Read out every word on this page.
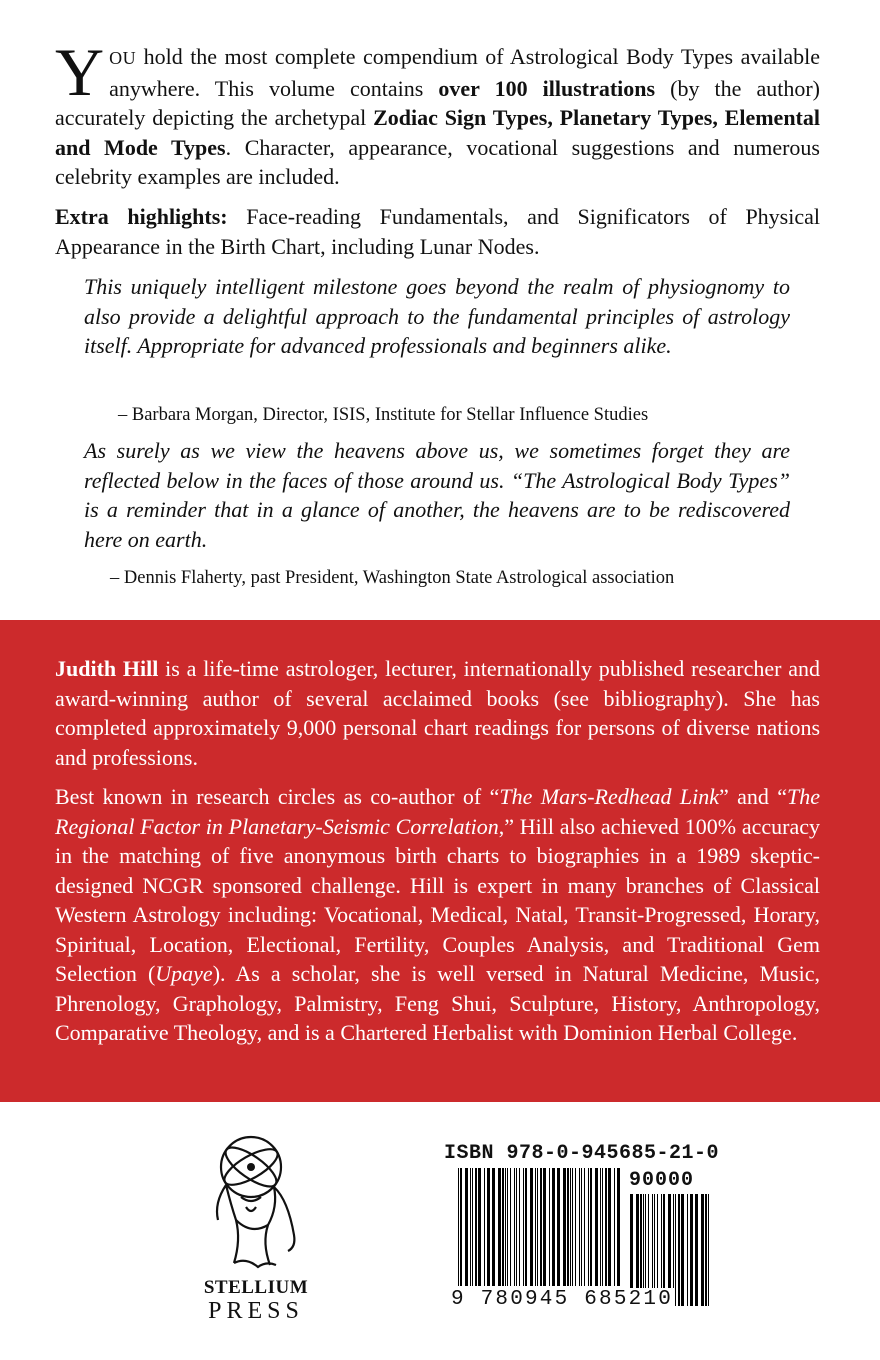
YOU hold the most complete compendium of Astrological Body Types available anywhere. This volume contains over 100 illustrations (by the author) accurately depicting the archetypal Zodiac Sign Types, Planetary Types, Elemental and Mode Types. Character, appearance, vocational suggestions and numerous celebrity examples are included.

Extra highlights: Face-reading Fundamentals, and Significators of Physical Appearance in the Birth Chart, including Lunar Nodes.

This uniquely intelligent milestone goes beyond the realm of physiognomy to also provide a delightful approach to the fundamental principles of astrology itself. Appropriate for advanced professionals and beginners alike.

– Barbara Morgan, Director, ISIS, Institute for Stellar Influence Studies

As surely as we view the heavens above us, we sometimes forget they are reflected below in the faces of those around us. “The Astrological Body Types” is a reminder that in a glance of another, the heavens are to be rediscovered here on earth.

– Dennis Flaherty, past President, Washington State Astrological association

Judith Hill is a life-time astrologer, lecturer, internationally published researcher and award-winning author of several acclaimed books (see bibliography). She has completed approximately 9,000 personal chart readings for persons of diverse nations and professions.

Best known in research circles as co-author of “The Mars-Redhead Link” and “The Regional Factor in Planetary-Seismic Correlation,” Hill also achieved 100% accuracy in the matching of five anonymous birth charts to biographies in a 1989 skeptic-designed NCGR sponsored challenge. Hill is expert in many branches of Classical Western Astrology including: Vocational, Medical, Natal, Transit-Progressed, Horary, Spiritual, Location, Electional, Fertility, Couples Analysis, and Traditional Gem Selection (Upaye). As a scholar, she is well versed in Natural Medicine, Music, Phrenology, Graphology, Palmistry, Feng Shui, Sculpture, History, Anthropology, Comparative Theology, and is a Chartered Herbalist with Dominion Herbal College.

STELLIUM
PRESS
ISBN 978-0-945685-21-0
90000
9 780945 685210
